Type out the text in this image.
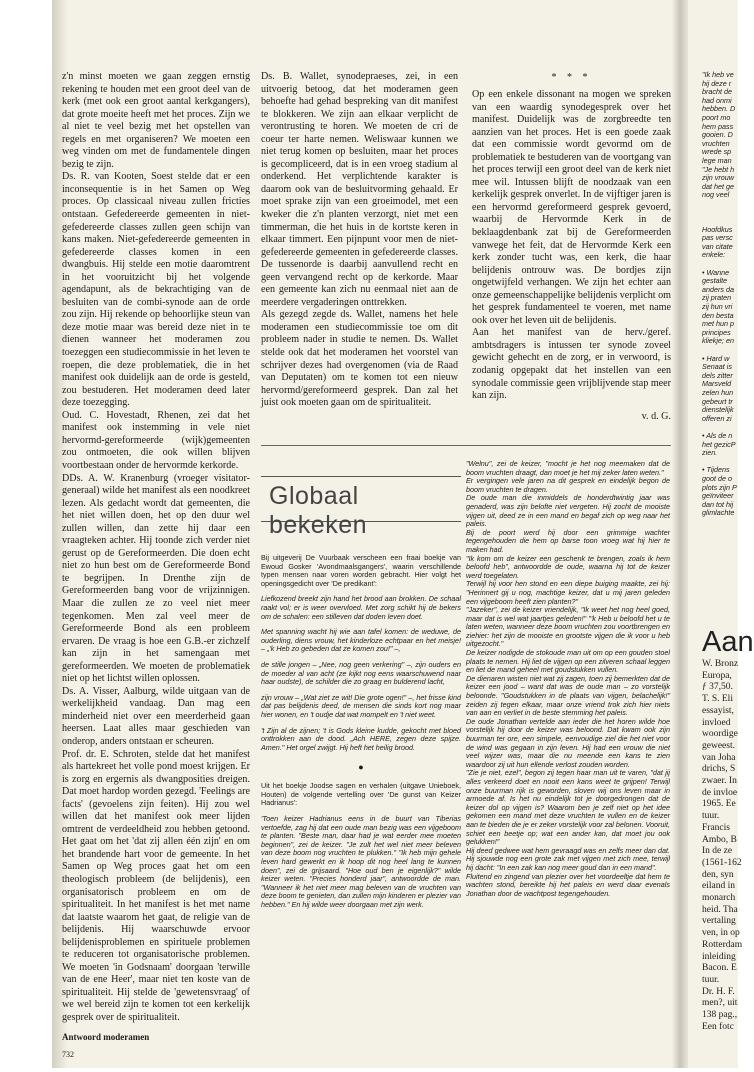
z'n minst moeten we gaan zeggen ernstig rekening te houden met een groot deel van de kerk (met ook een groot aantal kerkgangers), dat grote moeite heeft met het proces. Zijn we al niet te veel bezig met het opstellen van regels en met organiseren? We moeten een weg vinden om met de fundamentele dingen bezig te zijn.

Ds. R. van Kooten, Soest stelde dat er een inconsequentie is in het Samen op Weg proces. Op classicaal niveau zullen fricties ontstaan. Gefedereerde gemeenten in niet-gefedereerde classes zullen geen schijn van kans maken. Niet-gefedereerde gemeenten in gefedereerde classes komen in een dwangbuis. Hij stelde een motie daaromtrent in het vooruitzicht bij het volgende agendapunt, als de bekrachtiging van de besluiten van de combi-synode aan de orde zou zijn. Hij rekende op behoorlijke steun van deze motie maar was bereid deze niet in te dienen wanneer het moderamen zou toezeggen een studiecommissie in het leven te roepen, die deze problematiek, die in het manifest ook duidelijk aan de orde is gesteld, zou bestuderen. Het moderamen deed later deze toezegging.

Oud. C. Hovestadt, Rhenen, zei dat het manifest ook instemming in vele niet hervormd-gereformeerde (wijk)gemeenten zou ontmoeten, die ook willen blijven voortbestaan onder de hervormde kerkorde.

DDs. A. W. Kranenburg (vroeger visitator-generaal) wilde het manifest als een noodkreet lezen. Als gedacht wordt dat gemeenten, die het niet willen doen, het op den duur wel zullen willen, dan zette hij daar een vraagteken achter. Hij toonde zich verder niet gerust op de Gereformeerden. Die doen echt niet zo hun best om de Gereformeerde Bond te begrijpen. In Drenthe zijn de Gereformeerden bang voor de vrijzinnigen. Maar die zullen ze zo veel niet meer tegenkomen. Men zal veel meer de Gereformeerde Bond als een probleem ervaren. De vraag is hoe een G.B.-er zichzelf kan zijn in het samengaan met gereformeerden. We moeten de problematiek niet op het lichtst willen oplossen.

Ds. A. Visser, Aalburg, wilde uitgaan van de werkelijkheid vandaag. Dan mag een minderheid niet over een meerderheid gaan heersen. Laat alles maar geschieden van onderop, anders ontstaan er scheuren.

Prof. dr. E. Schroten, stelde dat het manifest als hartekreet het volle pond moest krijgen. Er is zorg en ergernis als dwangposities dreigen. Dat moet hardop worden gezegd. 'Feelings are facts' (gevoelens zijn feiten). Hij zou wel willen dat het manifest ook meer lijden omtrent de verdeeldheid zou hebben getoond. Het gaat om het 'dat zij allen één zijn' en om het brandende hart voor de gemeente. In het Samen op Weg proces gaat het om een theologisch probleem (de belijdenis), een organisatorisch probleem en om de spiritualiteit. In het manifest is het met name dat laatste waarom het gaat, de religie van de belijdenis. Hij waarschuwde ervoor belijdenisproblemen en spirituele problemen te reduceren tot organisatorische problemen. We moeten 'in Godsnaam' doorgaan 'terwille van de ene Heer', maar niet ten koste van de spiritualiteit. Hij stelde de 'gewetensvraag' of we wel bereid zijn te komen tot een kerkelijk gesprek over de spiritualiteit.

Ds. B. Wallet, synodepraeses, zei, in een uitvoerig betoog, dat het moderamen geen behoefte had gehad bespreking van dit manifest te blokkeren. We zijn aan elkaar verplicht de verontrusting te horen. We moeten de cri de coeur ter harte nemen. Weliswaar kunnen we niet terug komen op besluiten, maar het proces is gecompliceerd, dat is in een vroeg stadium al onderkend. Het verplichtende karakter is daarom ook van de besluitvorming gehaald. Er moet sprake zijn van een groeimodel, met een kweker die z'n planten verzorgt, niet met een timmerman, die het huis in de kortste keren in elkaar timmert. Een pijnpunt voor men de niet-gefedereerde gemeenten in gefedereerde classes. De tussenorde is daarbij aanvullend recht en geen vervangend recht op de kerkorde. Maar een gemeente kan zich nu eenmaal niet aan de meerdere vergaderingen onttrekken.

Als gezegd zegde ds. Wallet, namens het hele moderamen een studiecommissie toe om dit probleem nader in studie te nemen. Ds. Wallet stelde ook dat het moderamen het voorstel van schrijver dezes had overgenomen (via de Raad van Deputaten) om te komen tot een nieuw hervormd/gereformeerd gesprek. Dan zal het juist ook moeten gaan om de spiritualiteit.

* * *

Op een enkele dissonant na mogen we spreken van een waardig synodegesprek over het manifest. Duidelijk was de zorgbreedte ten aanzien van het proces. Het is een goede zaak dat een commissie wordt gevormd om de problematiek te bestuderen van de voortgang van het proces terwijl een groot deel van de kerk niet mee wil. Intussen blijft de noodzaak van een kerkelijk gesprek onverlet. In de vijftiger jaren is een hervormd gereformeerd gesprek gevoerd, waarbij de Hervormde Kerk in de beklaagdenbank zat bij de Gereformeerden vanwege het feit, dat de Hervormde Kerk een kerk zonder tucht was, een kerk, die haar belijdenis ontrouw was. De bordjes zijn ongetwijfeld verhangen. We zijn het echter aan onze gemeenschappelijke belijdenis verplicht om het gesprek fundamenteel te voeren, met name ook over het leven uit de belijdenis.

Aan het manifest van de herv./geref. ambtsdragers is intussen ter synode zoveel gewicht gehecht en de zorg, er in verwoord, is zodanig opgepakt dat het instellen van een synodale commissie geen vrijblijvende stap meer kan zijn.

v. d. G.
Globaal bekeken

Bij uitgeverij De Vuurbaak verscheen een fraai boekje van Ewoud Gosker 'Avondmaalsgangers', waarin verschillende typen mensen naar voren worden gebracht. Hier volgt het openingsgedicht over 'De predikant':

Liefkozend breekt zijn hand het brood aan brokken. De schaal raakt vol; er is weer overvloed. Met zorg schikt hij de bekers om de schalen: een stilleven dat doden leven doet.

Met spanning wacht hij wie aan tafel komen: de weduwe, de ouderling, diens vrouw, het kinderloze echtpaar en het meisje! – „'k Heb zo gebeden dat ze komen zou!" –,

de stille jongen – „Nee, nog geen verkering" –, zijn ouders en de moeder al van acht (ze kijkt nog eens waarschuwend naar haar oudste), de schilder die zo graag en bulderend lacht,

zijn vrouw – „Wat ziet ze wit! Die grote ogen!" –, het frisse kind dat pas belijdenis deed, de mensen die sinds kort nog maar hier wonen, en 't oudje dat wat mompelt en 't niet weet.

't Zijn al de zijnen; 't is Gods kleine kudde, gekocht met bloed onttrokken aan de dood. „Ach HERE, zegen deze spijze. Amen." Het orgel zwijgt. Hij heft het heilig brood.

●

Uit het boekje Joodse sagen en verhalen (uitgave Unieboek, Houten) de volgende vertelling over 'De gunst van Keizer Hadrianus':

'Toen keizer Hadrianus eens in de buurt van Tiberias vertoefde, zag hij dat een oude man bezig was een vijgeboom te planten. "Beste man, daar had je wat eerder mee moeten beginnen", zei de keizer. "Je zult het wel niet meer beleven van deze boom nog vruchten te plukken." "Ik heb mijn gehele leven hard gewerkt en ik hoop dit nog heel lang te kunnen doen", zei de grijsaard. "Hoe oud ben je eigenlijk?" wilde keizer weten. "Precies honderd jaar", antwoordde de man. "Wanneer ik het niet meer mag beleven van de vruchten van deze boom te genieten, dan zullen mijn kinderen er plezier van hebben." En hij wilde weer doorgaan met zijn werk.

"Welnu", zei de keizer, "mocht je het nog meemaken dat de boom vruchten draagt, dan moet je het mij zeker laten weten."

Er vergingen vele jaren na dit gesprek en eindelijk begon de boom vruchten te dragen.

De oude man die inmiddels de honderdtwintig jaar was genaderd, was zijn belofte niet vergeten. Hij zocht de mooiste vijgen uit, deed ze in een mand en begaf zich op weg naar het paleis.

Bij de poort werd hij door een grimmige wachter tegengehouden die hem op barse toon vroeg wat hij hier te maken had.

"Ik kom om de keizer een geschenk te brengen, zoals ik hem beloofd heb", antwoordde de oude, waarna hij tot de keizer werd toegelaten.

Terwijl hij voor hen stond en een diepe buiging maakte, zei hij: "Herinnert gij u nog, machtige keizer, dat u mij jaren geleden een vijgeboom heeft zien planten?"

"Jazeker", zei de keizer vriendelijk, "Ik weet het nog heel goed, maar dat is wel wat jaartjes geleden!" "'k Heb u beloofd het u te laten weten, wanneer deze boom vruchten zou voortbrengen en ziehier: het zijn de mooiste en grootste vijgen die ik voor u heb uitgezocht."

De keizer nodigde de stokoude man uit om op een gouden stoel plaats te nemen. Hij liet de vijgen op een zilveren schaal leggen en liet de mand geheel met goudstukken vullen.

De dienaren wisten niet wat zij zagen, toen zij bemerkten dat de keizer een jood – want dat was de oude man – zo vorstelijk beloonde. "Goudstukken in de plaats van vijgen, belachelijk!" zeiden zij tegen elkaar, maar onze vriend trok zich hier niets van aan en verliet in de beste stemming het paleis.

De oude Jonathan vertelde aan ieder die het horen wilde hoe vorstelijk hij door de keizer was beloond. Dat kwam ook zijn buurman ter ore, een simpele, eenvoudige ziel die het niet voor de wind was gegaan in zijn leven. Hij had een vrouw die niet veel wijzer was, maar die nu meende een kans te zien waardoor zij uit hun ellende verlost zouden worden.

"Zie je niet, ezel", begon zij tegen haar man uit te varen, "dat jij alles verkeerd doet en nooit een kans weet te grijpen! Terwijl onze buurman rijk is geworden, sloven wij ons leven maar in armoede af. Is het nu eindelijk tot je doorgedrongen dat de keizer dol op vijgen is? Waarom ben je zelf niet op het idee gekomen een mand met deze vruchten te vullen en de keizer aan te bieden die je er zeker vorstelijk voor zal belonen. Vooruit, schiet een beetje op; wat een ander kan, dat moet jou ook gelukken!"

Hij deed gedwee wat hem gevraagd was en zelfs meer dan dat. Hij sjouwde nog een grote zak met vijgen met zich mee, terwijl hij dacht: "In een zak kan nog meer goud dan in een mand".

Fluitend en zingend van plezier over het voordeeltje dat hem te wachten stond, bereikte hij het paleis en werd daar evenals Jonathan door de wachtpost tegengehouden.

"Ik heb ve
hij deze r
bracht de
had onmi
hebben. D
poort mo
hem pass
gooien. D
vruchten
wrede sp
lege man
"Je hebt h
zijn vrouw
dat het ge
nog veel
Hoofdkus
pas versc
van citate
enkele:
• Wanne
gestalte
anders da
zij praten
zij hun vri
den besta
met hun p
principes
kliekje; en
• Hard w
Senaat is
dels zitter
Marsveld
zelen hun
gebeurt tr
dienstelijk
offeren zi
• Als de n
het gezicP
zien.
• Tijdens
goot de o
plots zijn P
geïnviteer
dan tot hij
glimlachte
Aan
W. Bronz
Europa,
ƒ 37,50.
T. S. Eli
essayist,
invloed
woordige
geweest.
van Joha
drichs, S
zwaer. In
de invloe
1965. Ee
tuur.
Francis
Ambo, B
In de ze
(1561-162
den, syn
eiland in
monarch
heid. Tha
vertaling
ven, in op
Rotterdam
inleiding
Bacon. E
tuur.
Dr. H. F.
men?, uit
138 pag.,
Een fotc
Antwoord moderamen
732
